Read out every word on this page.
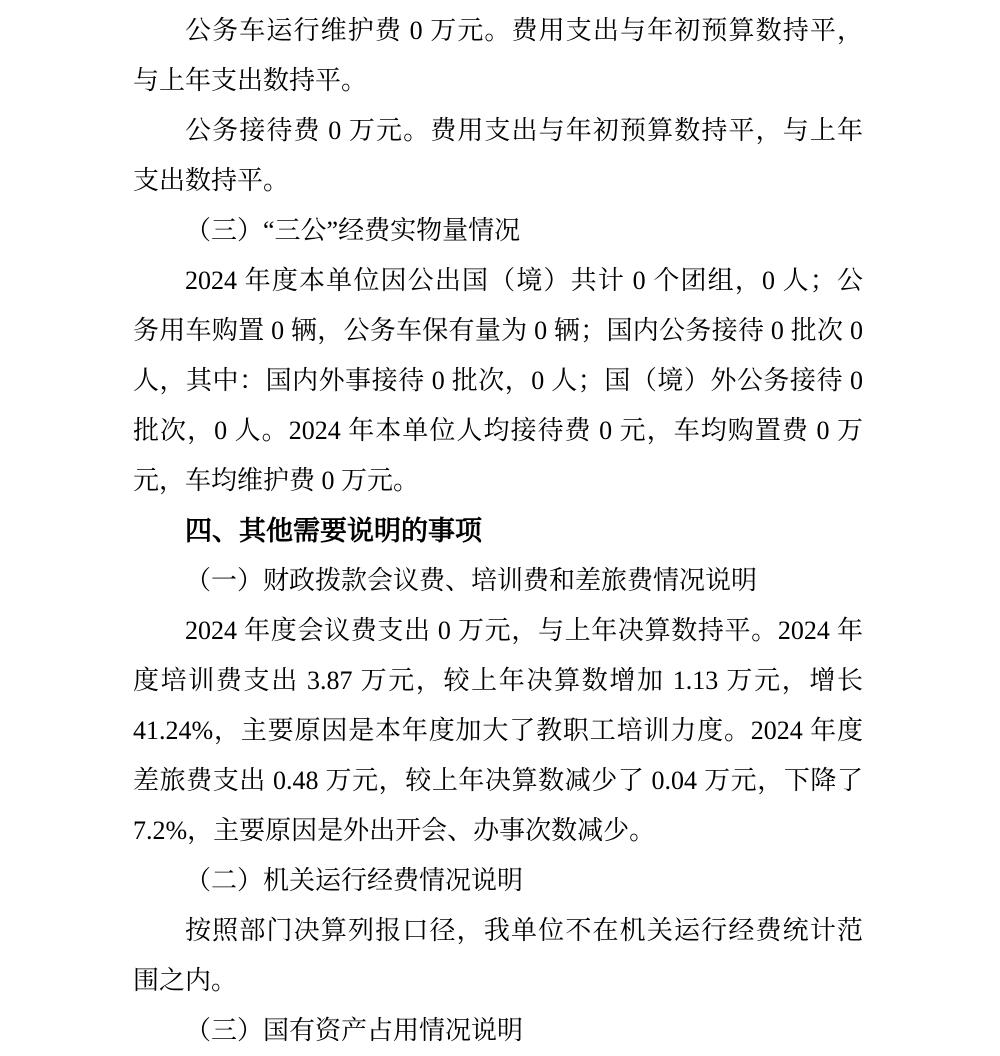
公务车运行维护费 0 万元。费用支出与年初预算数持平，
与上年支出数持平。
公务接待费 0 万元。费用支出与年初预算数持平，与上年
支出数持平。
（三）“三公”经费实物量情况
2024 年度本单位因公出国（境）共计 0 个团组，0 人；公
务用车购置 0 辆，公务车保有量为 0 辆；国内公务接待 0 批次 0
人，其中：国内外事接待 0 批次，0 人；国（境）外公务接待 0
批次，0 人。2024 年本单位人均接待费 0 元，车均购置费 0 万
元，车均维护费 0 万元。
四、其他需要说明的事项
（一）财政拨款会议费、培训费和差旅费情况说明
2024 年度会议费支出 0 万元，与上年决算数持平。2024 年
度培训费支出 3.87 万元，较上年决算数增加 1.13 万元，增长
41.24%，主要原因是本年度加大了教职工培训力度。2024 年度
差旅费支出 0.48 万元，较上年决算数减少了 0.04 万元，下降了
7.2%，主要原因是外出开会、办事次数减少。
（二）机关运行经费情况说明
按照部门决算列报口径，我单位不在机关运行经费统计范
围之内。
（三）国有资产占用情况说明
